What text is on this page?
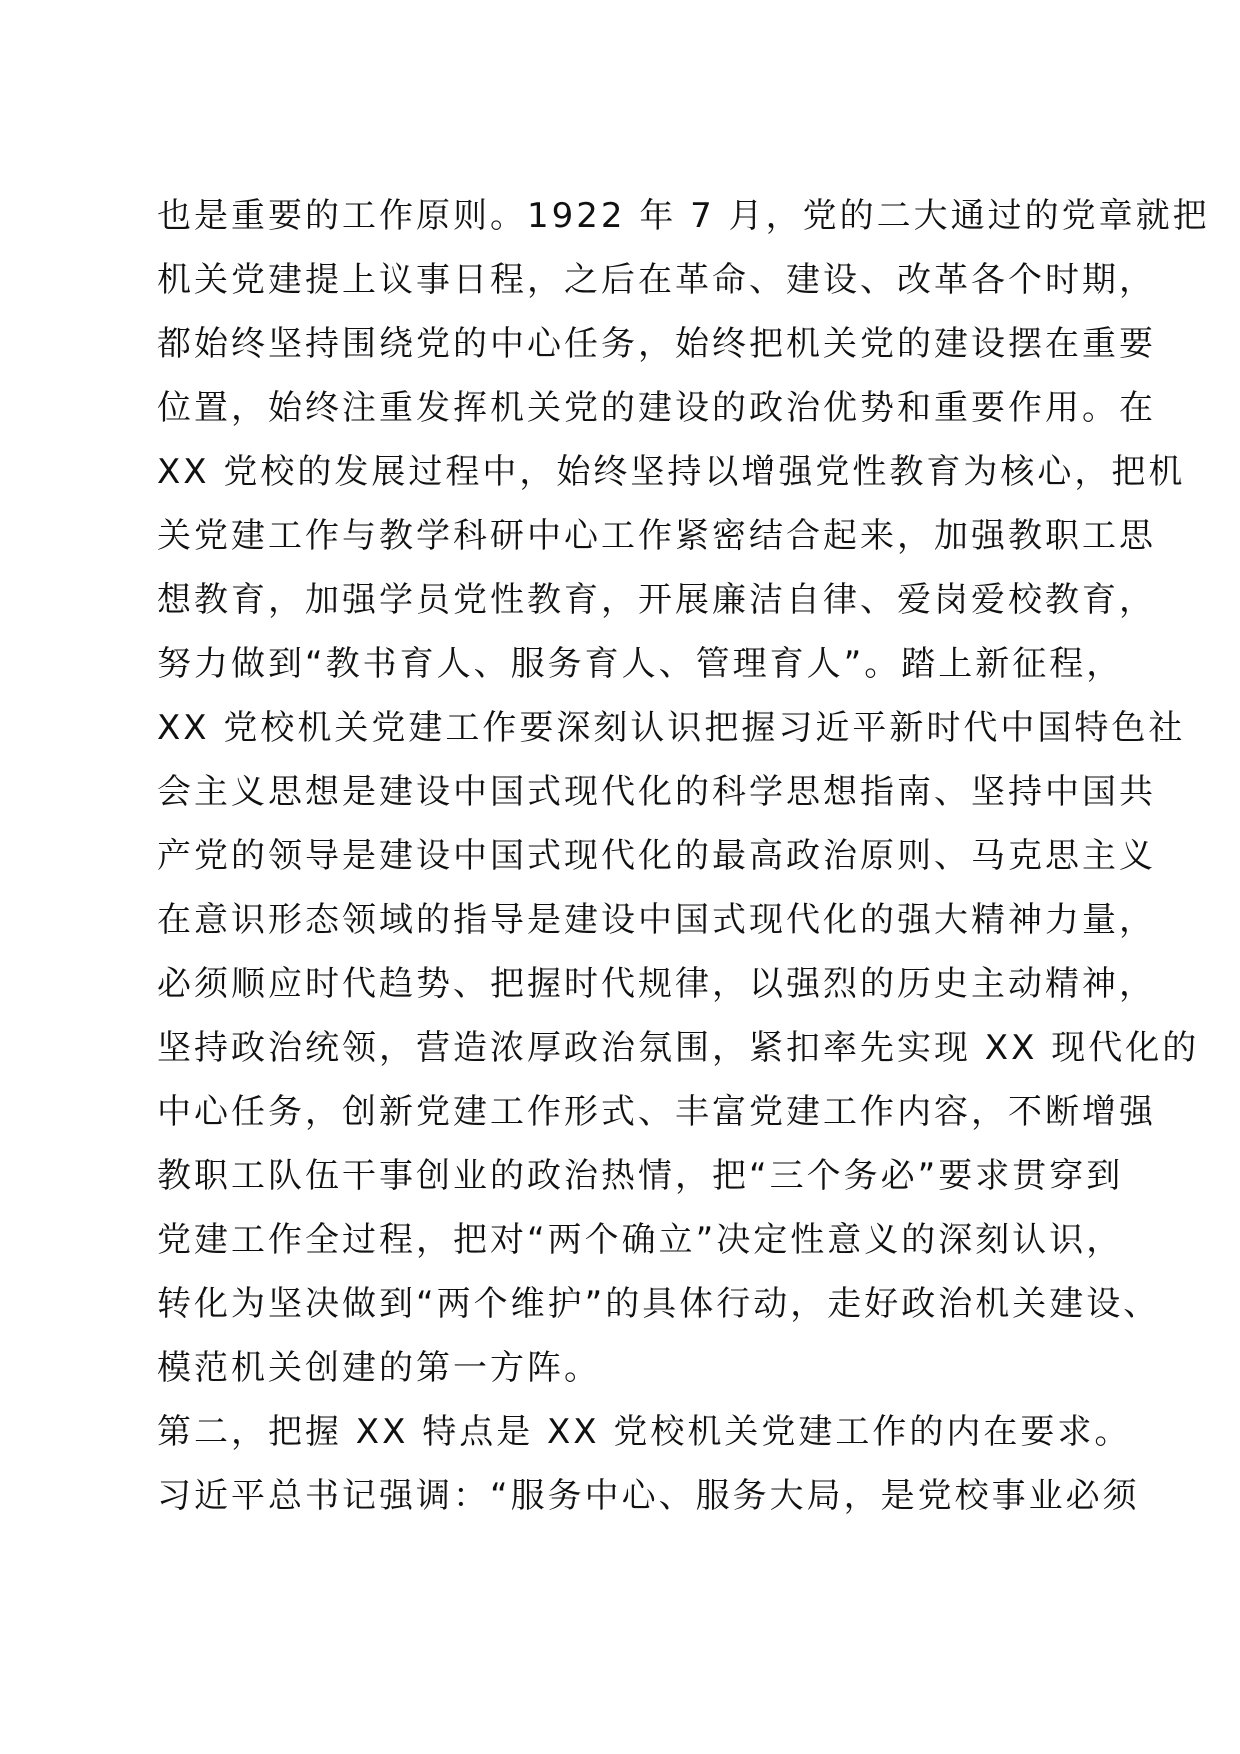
也是重要的工作原则。1922 年 7 月，党的二大通过的党章就把
机关党建提上议事日程，之后在革命、建设、改革各个时期，
都始终坚持围绕党的中心任务，始终把机关党的建设摆在重要
位置，始终注重发挥机关党的建设的政治优势和重要作用。在
XX 党校的发展过程中，始终坚持以增强党性教育为核心，把机
关党建工作与教学科研中心工作紧密结合起来，加强教职工思
想教育，加强学员党性教育，开展廉洁自律、爱岗爱校教育，
努力做到“教书育人、服务育人、管理育人”。踏上新征程，
XX 党校机关党建工作要深刻认识把握习近平新时代中国特色社
会主义思想是建设中国式现代化的科学思想指南、坚持中国共
产党的领导是建设中国式现代化的最高政治原则、马克思主义
在意识形态领域的指导是建设中国式现代化的强大精神力量，
必须顺应时代趋势、把握时代规律，以强烈的历史主动精神，
坚持政治统领，营造浓厚政治氛围，紧扣率先实现 XX 现代化的
中心任务，创新党建工作形式、丰富党建工作内容，不断增强
教职工队伍干事创业的政治热情，把“三个务必”要求贯穿到
党建工作全过程，把对“两个确立”决定性意义的深刻认识，
转化为坚决做到“两个维护”的具体行动，走好政治机关建设、
模范机关创建的第一方阵。
第二，把握 XX 特点是 XX 党校机关党建工作的内在要求。
习近平总书记强调：“服务中心、服务大局，是党校事业必须
